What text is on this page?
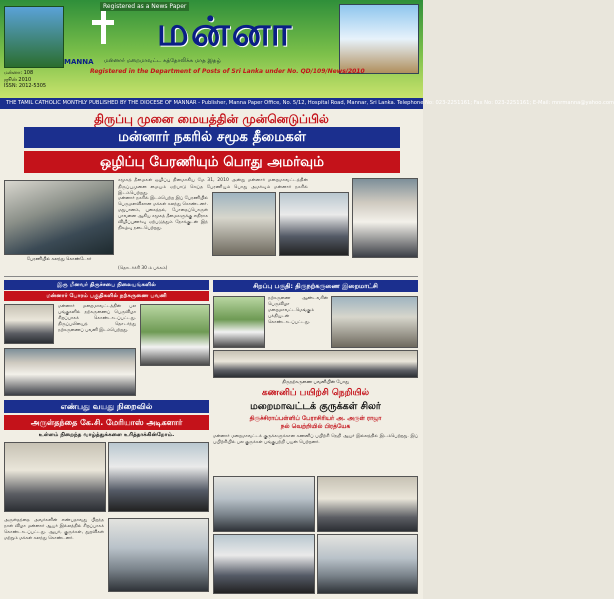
Registered as a News Paper
மன்னா
MANNA மன்னார் மறைமாவட்ட கத்தோலிக்க மாத இதழ்
Registered in the Department of Posts of Sri Lanka under No. QD/109/News/2010
மன்னா: 108
ஜூன் 2010
ISSN: 2012-5305
THE TAMIL CATHOLIC MONTHLY PUBLISHED BY THE DIOCESE OF MANNAR - Publisher, Manna Paper Office, No. 5/12, Hospital Road, Mannar, Sri Lanka. Telephone No: 023-2251161; Fax No: 023-2251161; E-Mail: mnrmanna@yahoo.com
திருப்பு முனை மையத்தின் முன்னெடுப்பில்
மன்னார் நகரில் சமூக தீமைகள்
ஒழிப்பு பேரணியும் பொது அமர்வும்
சமூகத் தீமைகள் ஒழிப்பு தினமாகிய மே 31, 2010 அன்று மன்னார் மறைமாவட்டத்தின் திருப்புமுனை மையம் ஏற்பாடு செய்த பேரணியும் பொது அமர்வும் மன்னார் நகரில் இடம்பெற்றது.
பேரணியில் கலந்து கொண்டோர்
மன்னார் நகரில் இடம்பெற்ற இப் பேரணியில் பெருமளவிலான மக்கள் கலந்து கொண்டனர். மதுபானம், புகைத்தல், போதைப்பொருள் பாவனை ஆகிய சமூகத் தீமைகளுக்கு எதிராக விழிப்புணர்வு ஏற்படுத்தும் நோக்குடன் இந் நிகழ்வு நடைபெற்றது.
(தொடர்ச்சி 30 ம் பக்கம்)
இரு மீனவர் திருச்சபை நிலையங்களில்
மன்னார் போரம் பகுதிகளில் நற்கருணை பவனி
மன்னார் மறைமாவட்டத்தின் பல பங்குகளில் நற்கருணைப் பெருவிழா சிறப்பாகக் கொண்டாடப்பட்டது. திருப்பலியைத் தொடர்ந்து நற்கருணைப் பவனி இடம்பெற்றது.
சிறப்பு பகுதி: திருநற்கருணை இறைமாட்சி
நற்கருணை ஆண்டவரின் பெருவிழா மறைமாவட்டமெங்கும் பக்தியுடன் கொண்டாடப்பட்டது.
திருநற்கருணை பவனியின் போது
எண்பது வயது நிறைவில்
அருள்தந்தை கே.சி. மேரியாஸ் அடிகளார்
உள்ளம் நிறைந்த வாழ்த்துக்களை உரித்தாக்கின்றோம்.
அருள்தந்தை அவர்களின் எண்பதாவது பிறந்த நாள் விழா மன்னார் ஆயர் இல்லத்தில் சிறப்பாகக் கொண்டாடப்பட்டது. ஆயர், குருக்கள், துறவிகள் மற்றும் மக்கள் கலந்து கொண்டனர்.
கணனிப் பயிற்சி நெறியில்
மறைமாவட்டக் குருக்கள் சிலர்
திருச்சிராப்பள்ளிப் பேராசிரியர் அ. அருள் ராஜா
நல் வெற்றியில் பிரத்யேக
மன்னார் மறைமாவட்டக் குருக்களுக்கான கணனிப் பயிற்சி நெறி ஆயர் இல்லத்தில் இடம்பெற்றது. இப் பயிற்சியில் பல குருக்கள் பங்குபற்றி பயன் பெற்றனர்.
